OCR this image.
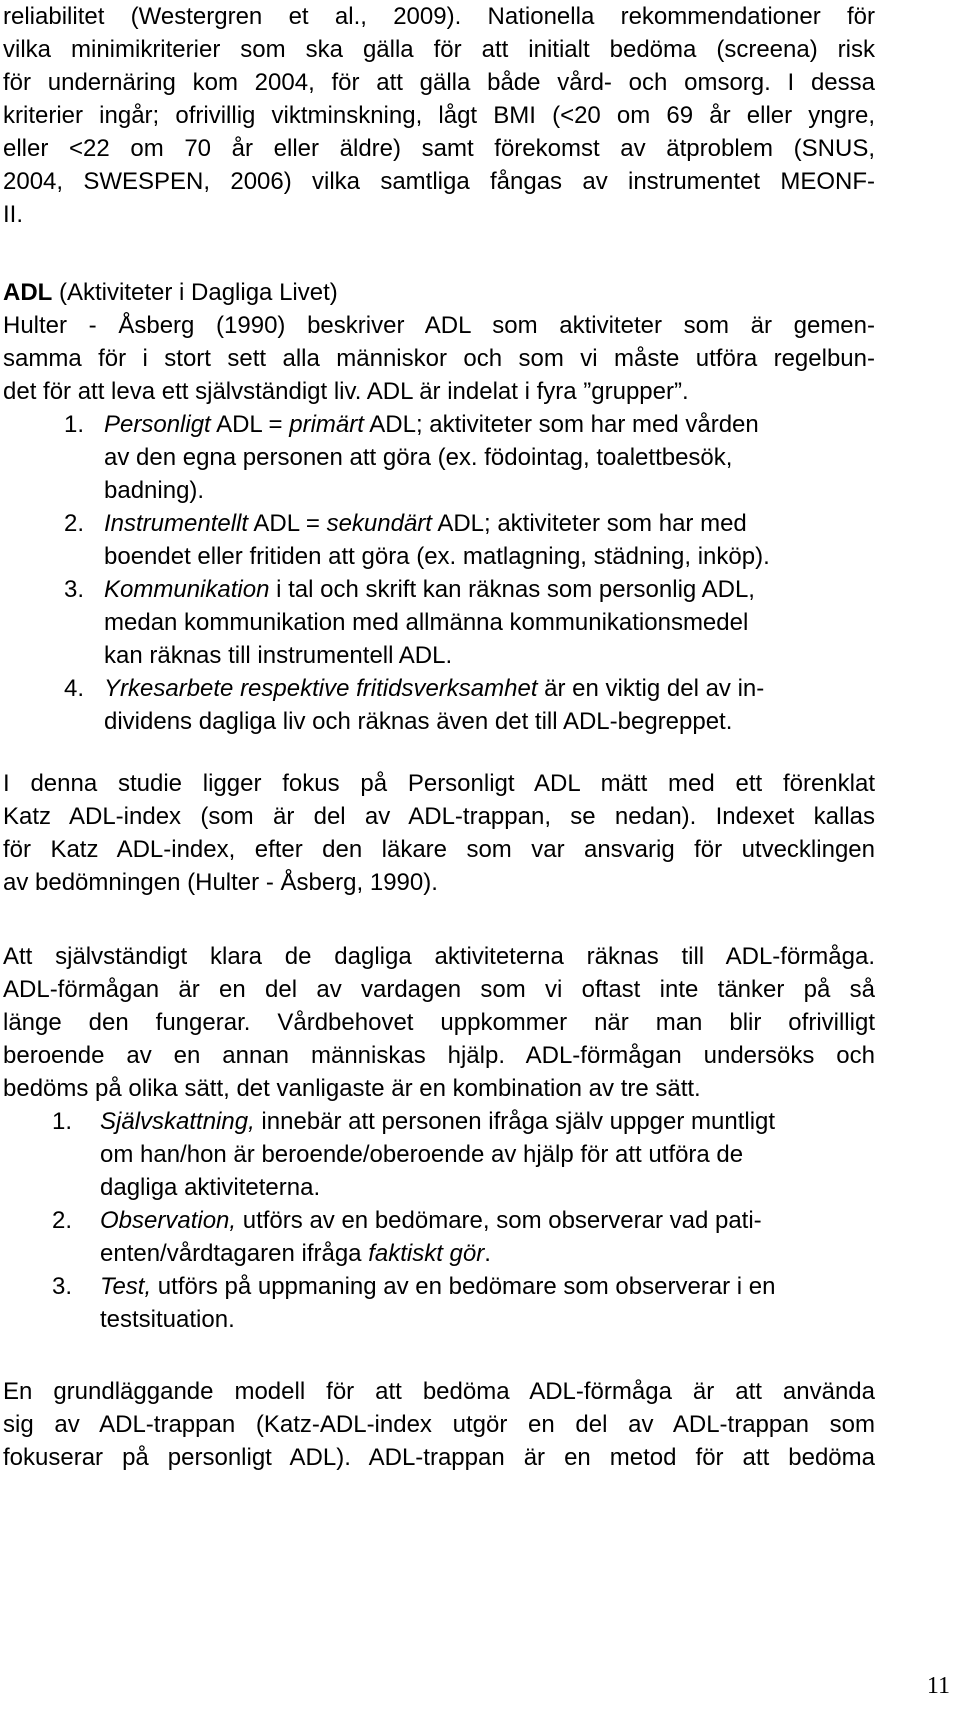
reliabilitet (Westergren et al., 2009). Nationella rekommendationer för
vilka minimikriterier som ska gälla för att initialt bedöma (screena) risk
för undernäring kom 2004, för att gälla både vård- och omsorg. I dessa
kriterier ingår; ofrivillig viktminskning, lågt BMI (<20 om 69 år eller yngre,
eller <22 om 70 år eller äldre) samt förekomst av ätproblem (SNUS,
2004, SWESPEN, 2006) vilka samtliga fångas av instrumentet MEONF-
II.
ADL (Aktiviteter i Dagliga Livet)
Hulter - Åsberg (1990) beskriver ADL som aktiviteter som är gemen-
samma för i stort sett alla människor och som vi måste utföra regelbun-
det för att leva ett självständigt liv. ADL är indelat i fyra ”grupper”.
1. Personligt ADL = primärt ADL; aktiviteter som har med vården
av den egna personen att göra (ex. födointag, toalettbesök,
badning).
2. Instrumentellt ADL = sekundärt ADL; aktiviteter som har med
boendet eller fritiden att göra (ex. matlagning, städning, inköp).
3. Kommunikation i tal och skrift kan räknas som personlig ADL,
medan kommunikation med allmänna kommunikationsmedel
kan räknas till instrumentell ADL.
4. Yrkesarbete respektive fritidsverksamhet är en viktig del av in-
dividens dagliga liv och räknas även det till ADL-begreppet.
I denna studie ligger fokus på Personligt ADL mätt med ett förenklat
Katz ADL-index (som är del av ADL-trappan, se nedan). Indexet kallas
för Katz ADL-index, efter den läkare som var ansvarig för utvecklingen
av bedömningen (Hulter - Åsberg, 1990).
Att självständigt klara de dagliga aktiviteterna räknas till ADL-förmåga.
ADL-förmågan är en del av vardagen som vi oftast inte tänker på så
länge den fungerar. Vårdbehovet uppkommer när man blir ofrivilligt
beroende av en annan människas hjälp. ADL-förmågan undersöks och
bedöms på olika sätt, det vanligaste är en kombination av tre sätt.
1. Självskattning, innebär att personen ifråga själv uppger muntligt
om han/hon är beroende/oberoende av hjälp för att utföra de
dagliga aktiviteterna.
2. Observation, utförs av en bedömare, som observerar vad pati-
enten/vårdtagaren ifråga faktiskt gör.
3. Test, utförs på uppmaning av en bedömare som observerar i en
testsituation.
En grundläggande modell för att bedöma ADL-förmåga är att använda
sig av ADL-trappan (Katz-ADL-index utgör en del av ADL-trappan som
fokuserar på personligt ADL). ADL-trappan är en metod för att bedöma
11
